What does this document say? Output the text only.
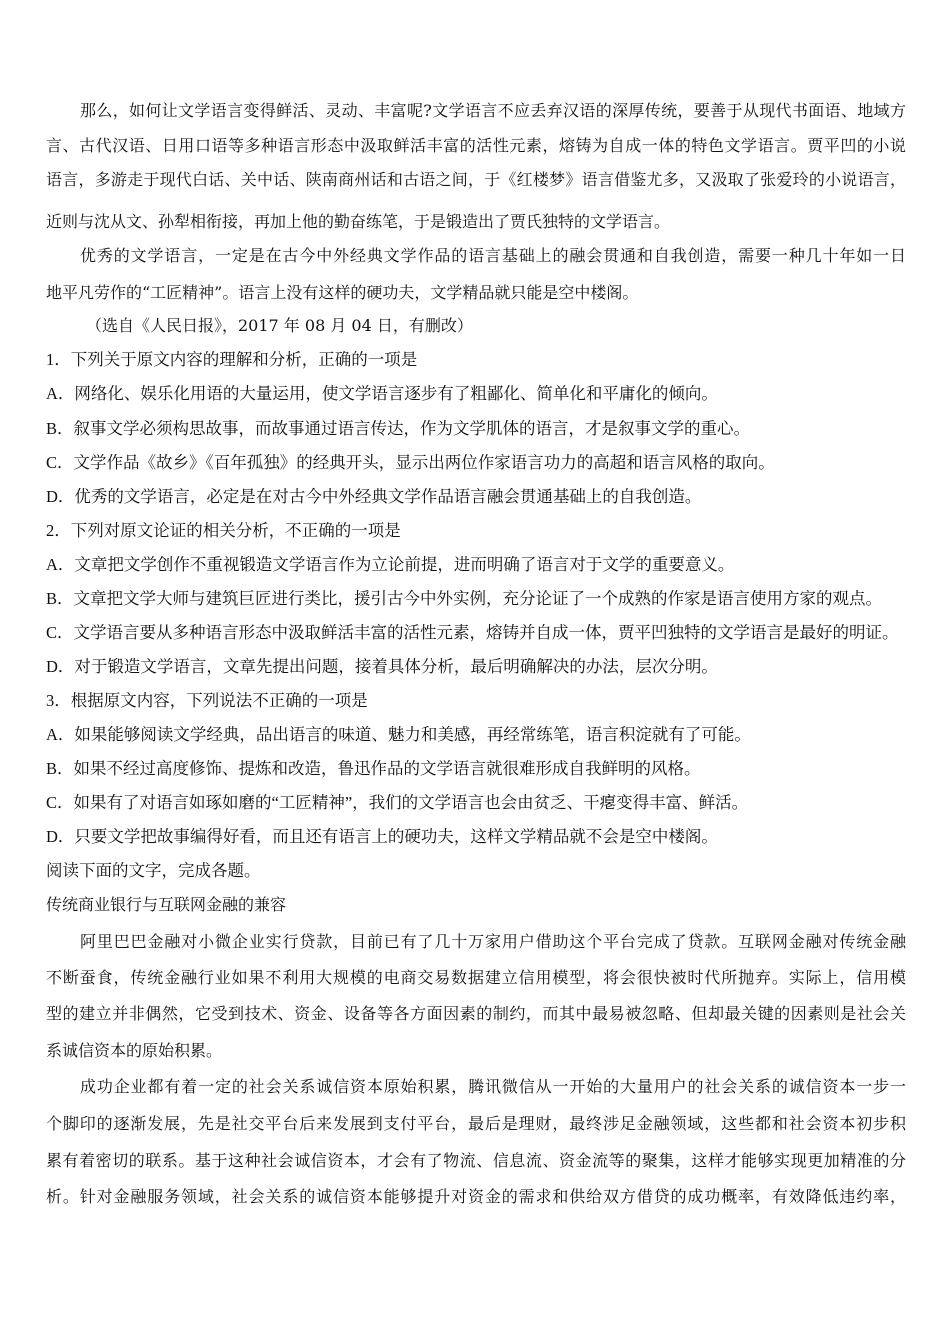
那么，如何让文学语言变得鲜活、灵动、丰富呢?文学语言不应丢弃汉语的深厚传统，要善于从现代书面语、地域方
言、古代汉语、日用口语等多种语言形态中汲取鲜活丰富的活性元素，熔铸为自成一体的特色文学语言。贾平凹的小说
语言，多游走于现代白话、关中话、陕南商州话和古语之间，于《红楼梦》语言借鉴尤多，又汲取了张爱玲的小说语言，
近则与沈从文、孙犁相衔接，再加上他的勤奋练笔，于是锻造出了贾氏独特的文学语言。
优秀的文学语言，一定是在古今中外经典文学作品的语言基础上的融会贯通和自我创造，需要一种几十年如一日
地平凡劳作的“工匠精神”。语言上没有这样的硬功夫，文学精品就只能是空中楼阁。
（选自《人民日报》，2017 年 08 月 04 日，有删改）
1．下列关于原文内容的理解和分析，正确的一项是
A．网络化、娱乐化用语的大量运用，使文学语言逐步有了粗鄙化、简单化和平庸化的倾向。
B．叙事文学必须构思故事，而故事通过语言传达，作为文学肌体的语言，才是叙事文学的重心。
C．文学作品《故乡》《百年孤独》的经典开头，显示出两位作家语言功力的高超和语言风格的取向。
D．优秀的文学语言，必定是在对古今中外经典文学作品语言融会贯通基础上的自我创造。
2．下列对原文论证的相关分析，不正确的一项是
A．文章把文学创作不重视锻造文学语言作为立论前提，进而明确了语言对于文学的重要意义。
B．文章把文学大师与建筑巨匠进行类比，援引古今中外实例，充分论证了一个成熟的作家是语言使用方家的观点。
C．文学语言要从多种语言形态中汲取鲜活丰富的活性元素，熔铸并自成一体，贾平凹独特的文学语言是最好的明证。
D．对于锻造文学语言，文章先提出问题，接着具体分析，最后明确解决的办法，层次分明。
3．根据原文内容，下列说法不正确的一项是
A．如果能够阅读文学经典，品出语言的味道、魅力和美感，再经常练笔，语言积淀就有了可能。
B．如果不经过高度修饰、提炼和改造，鲁迅作品的文学语言就很难形成自我鲜明的风格。
C．如果有了对语言如琢如磨的“工匠精神”，我们的文学语言也会由贫乏、干瘪变得丰富、鲜活。
D．只要文学把故事编得好看，而且还有语言上的硬功夫，这样文学精品就不会是空中楼阁。
阅读下面的文字，完成各题。
传统商业银行与互联网金融的兼容
阿里巴巴金融对小微企业实行贷款，目前已有了几十万家用户借助这个平台完成了贷款。互联网金融对传统金融
不断蚕食，传统金融行业如果不利用大规模的电商交易数据建立信用模型，将会很快被时代所抛弃。实际上，信用模
型的建立并非偶然，它受到技术、资金、设备等各方面因素的制约，而其中最易被忽略、但却最关键的因素则是社会关
系诚信资本的原始积累。
成功企业都有着一定的社会关系诚信资本原始积累，腾讯微信从一开始的大量用户的社会关系的诚信资本一步一
个脚印的逐渐发展，先是社交平台后来发展到支付平台，最后是理财，最终涉足金融领域，这些都和社会资本初步积
累有着密切的联系。基于这种社会诚信资本，才会有了物流、信息流、资金流等的聚集，这样才能够实现更加精准的分
析。针对金融服务领域，社会关系的诚信资本能够提升对资金的需求和供给双方借贷的成功概率，有效降低违约率，
